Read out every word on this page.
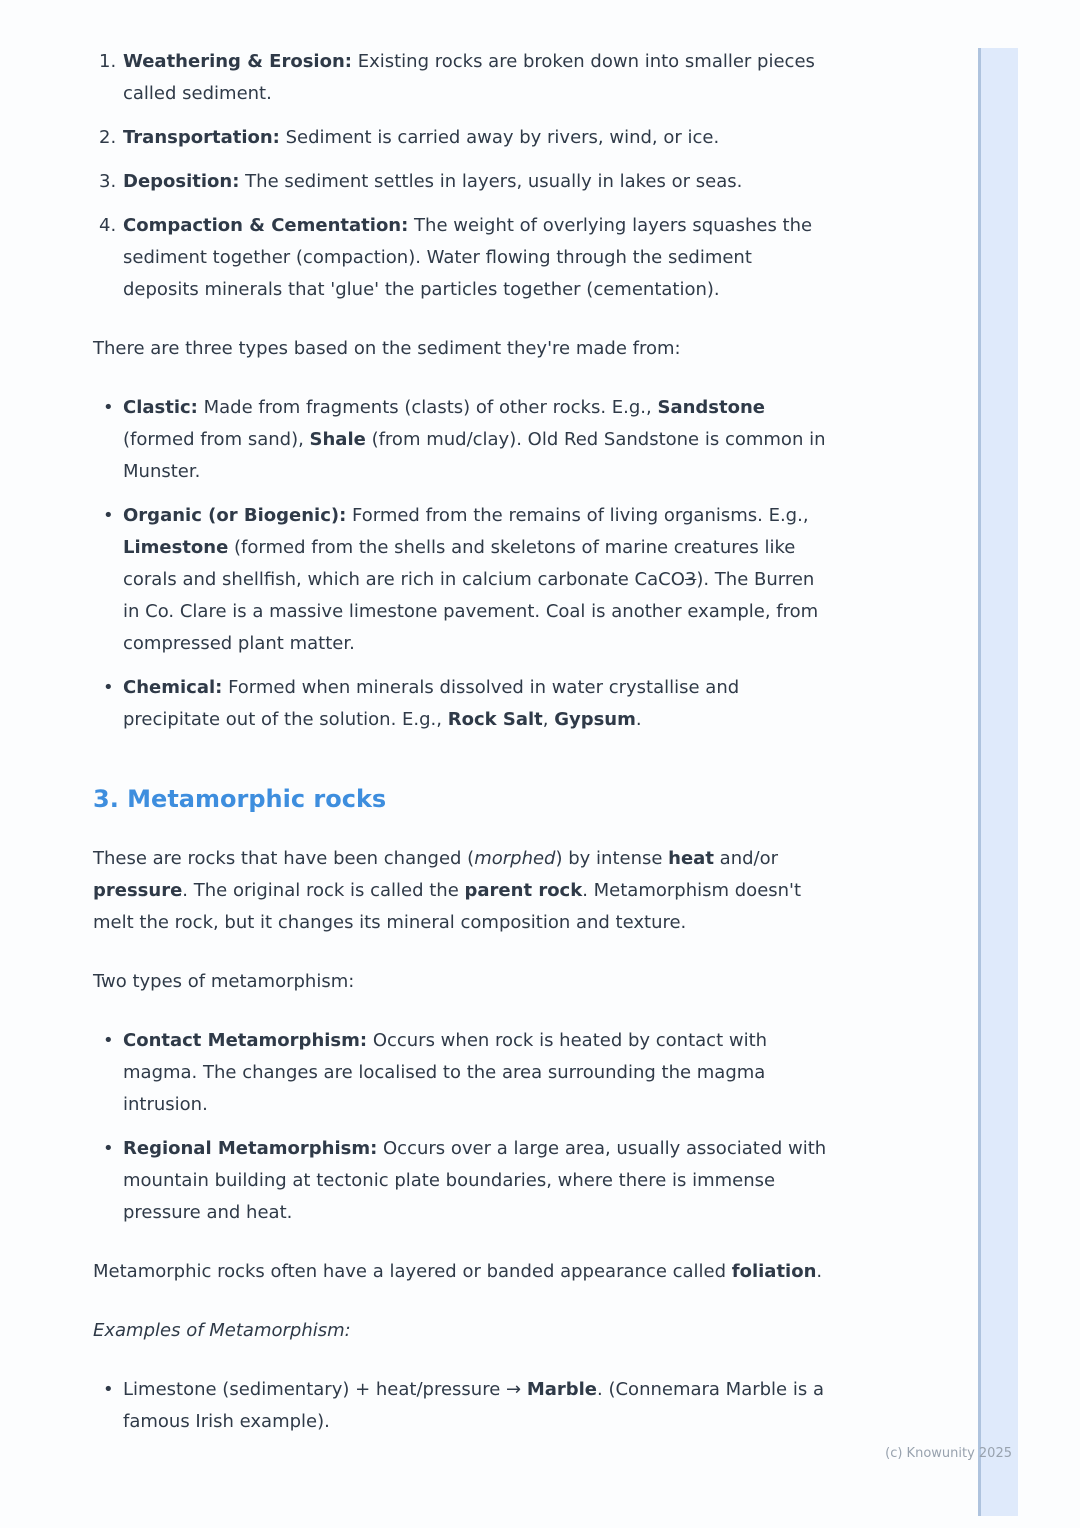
1. Weathering & Erosion: Existing rocks are broken down into smaller pieces called sediment.
2. Transportation: Sediment is carried away by rivers, wind, or ice.
3. Deposition: The sediment settles in layers, usually in lakes or seas.
4. Compaction & Cementation: The weight of overlying layers squashes the sediment together (compaction). Water flowing through the sediment deposits minerals that 'glue' the particles together (cementation).

There are three types based on the sediment they're made from:

• Clastic: Made from fragments (clasts) of other rocks. E.g., Sandstone (formed from sand), Shale (from mud/clay). Old Red Sandstone is common in Munster.
• Organic (or Biogenic): Formed from the remains of living organisms. E.g., Limestone (formed from the shells and skeletons of marine creatures like corals and shellfish, which are rich in calcium carbonate CaCO3). The Burren in Co. Clare is a massive limestone pavement. Coal is another example, from compressed plant matter.
• Chemical: Formed when minerals dissolved in water crystallise and precipitate out of the solution. E.g., Rock Salt, Gypsum.
3. Metamorphic rocks

These are rocks that have been changed (morphed) by intense heat and/or pressure. The original rock is called the parent rock. Metamorphism doesn't melt the rock, but it changes its mineral composition and texture.

Two types of metamorphism:

• Contact Metamorphism: Occurs when rock is heated by contact with magma. The changes are localised to the area surrounding the magma intrusion.
• Regional Metamorphism: Occurs over a large area, usually associated with mountain building at tectonic plate boundaries, where there is immense pressure and heat.

Metamorphic rocks often have a layered or banded appearance called foliation.

Examples of Metamorphism:

• Limestone (sedimentary) + heat/pressure → Marble. (Connemara Marble is a famous Irish example).
(c) Knowunity 2025
